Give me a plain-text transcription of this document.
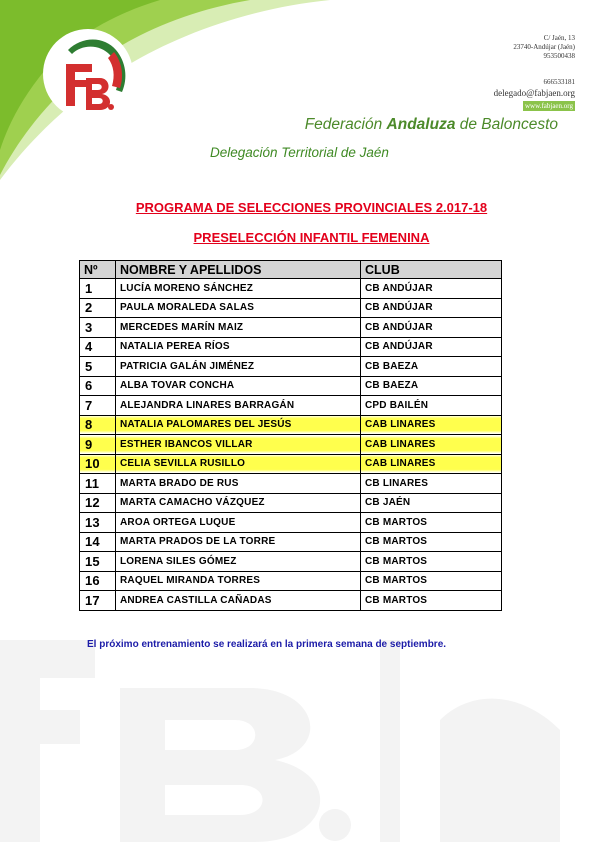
C/ Jaén, 13
23740-Andújar (Jaén)
953500438
666533181
delegado@fabjaen.org
www.fabjaen.org
Federación Andaluza de Baloncesto
Delegación Territorial de Jaén
PROGRAMA DE SELECCIONES PROVINCIALES 2.017-18
PRESELECCIÓN INFANTIL FEMENINA
Nº	NOMBRE Y APELLIDOS	CLUB
1	LUCÍA MORENO SÁNCHEZ	CB ANDÚJAR
2	PAULA MORALEDA SALAS	CB ANDÚJAR
3	MERCEDES MARÍN MAIZ	CB ANDÚJAR
4	NATALIA PEREA RÍOS	CB ANDÚJAR
5	PATRICIA GALÁN JIMÉNEZ	CB BAEZA
6	ALBA TOVAR CONCHA	CB BAEZA
7	ALEJANDRA LINARES BARRAGÁN	CPD BAILÉN
8	NATALIA PALOMARES DEL JESÚS	CAB LINARES
9	ESTHER IBANCOS VILLAR	CAB LINARES
10	CELIA SEVILLA RUSILLO	CAB LINARES
11	MARTA BRADO DE RUS	CB LINARES
12	MARTA CAMACHO VÁZQUEZ	CB JAÉN
13	AROA ORTEGA LUQUE	CB MARTOS
14	MARTA PRADOS DE LA TORRE	CB MARTOS
15	LORENA SILES GÓMEZ	CB MARTOS
16	RAQUEL MIRANDA TORRES	CB MARTOS
17	ANDREA CASTILLA CAÑADAS	CB MARTOS
El próximo entrenamiento se realizará en la primera semana de septiembre.
